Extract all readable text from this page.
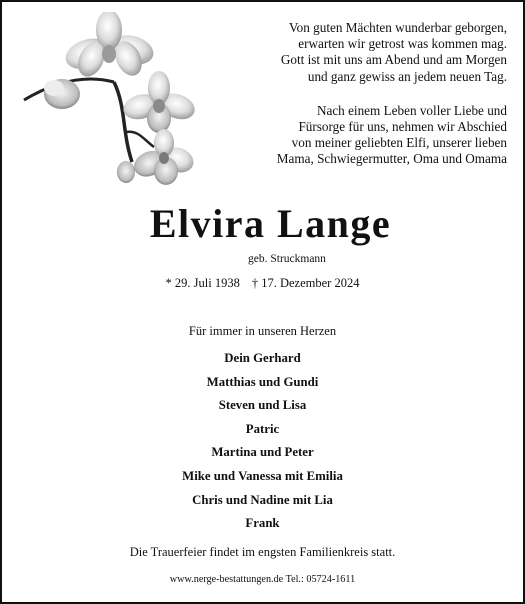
Von guten Mächten wunderbar geborgen,
erwarten wir getrost was kommen mag.
Gott ist mit uns am Abend und am Morgen
und ganz gewiss an jedem neuen Tag.
Nach einem Leben voller Liebe und
Fürsorge für uns, nehmen wir Abschied
von meiner geliebten Elfi, unserer lieben
Mama, Schwiegermutter, Oma und Omama
Elvira Lange
geb. Struckmann
* 29. Juli 1938 † 17. Dezember 2024
Für immer in unseren Herzen
Dein Gerhard
Matthias und Gundi
Steven und Lisa
Patric
Martina und Peter
Mike und Vanessa mit Emilia
Chris und Nadine mit Lia
Frank
Die Trauerfeier findet im engsten Familienkreis statt.
www.nerge-bestattungen.de Tel.: 05724-1611
